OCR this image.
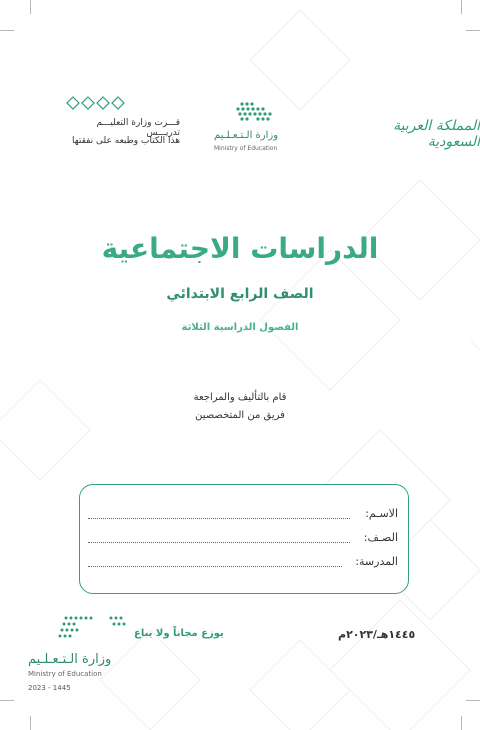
قـــرت وزارة التعليـــم تدريـــس
هذا الكتاب وطبعه على نفقتها	وزارة الـتـعـلـيم
Ministry of Education
المملكة العربية السعودية
الدراسات الاجتماعية
الصف الرابع الابتدائي
الفصول الدراسية الثلاثة
قام بالتأليف والمراجعة
فريق من المتخصصين
الاسـم:
الصـف:
المدرسة:
يوزع مجاناً ولا يباع
وزارة الـتـعـلـيم
Ministry of Education
2023 - 1445
١٤٤٥هـ/٢٠٢٣م
